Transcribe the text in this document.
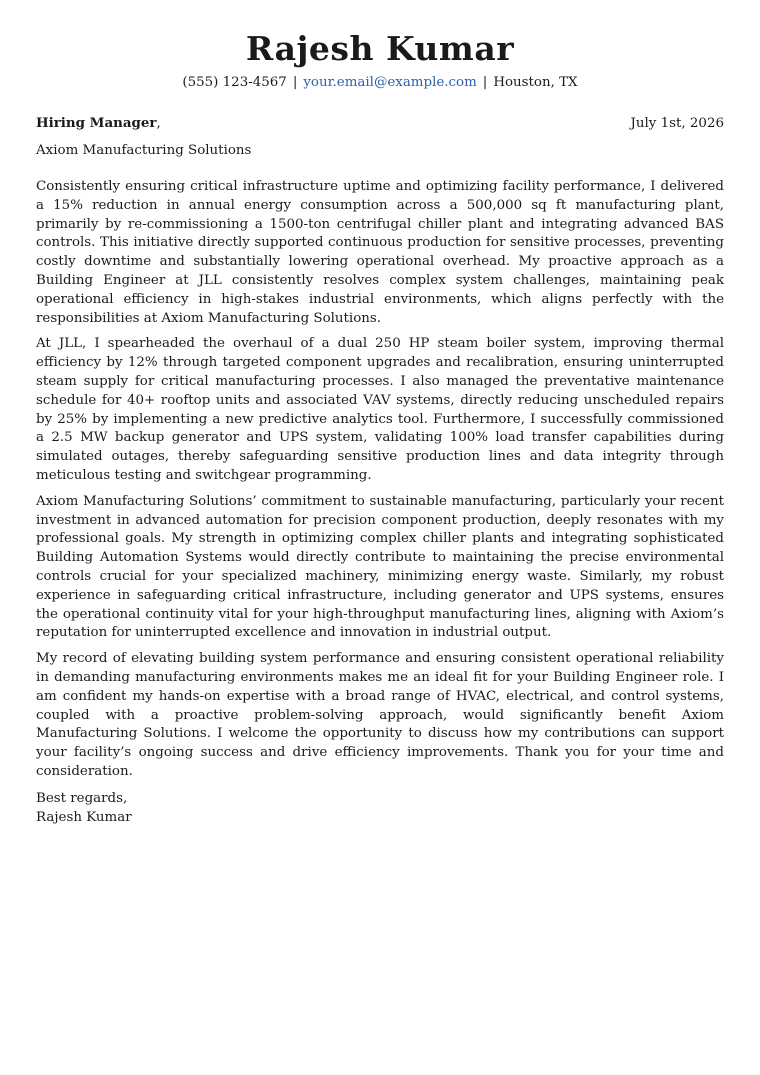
Rajesh Kumar
(555) 123-4567 | your.email@example.com | Houston, TX
Hiring Manager,	July 1st, 2026
Axiom Manufacturing Solutions

Consistently ensuring critical infrastructure uptime and optimizing facility performance, I delivered a 15% reduction in annual energy consumption across a 500,000 sq ft manufacturing plant, primarily by re-commissioning a 1500-ton centrifugal chiller plant and integrating advanced BAS controls. This initiative directly supported continuous production for sensitive processes, preventing costly downtime and substantially lowering operational overhead. My proactive approach as a Building Engineer at JLL consistently resolves complex system challenges, maintaining peak operational efficiency in high-stakes industrial environments, which aligns perfectly with the responsibilities at Axiom Manufacturing Solutions.

At JLL, I spearheaded the overhaul of a dual 250 HP steam boiler system, improving thermal efficiency by 12% through targeted component upgrades and recalibration, ensuring uninterrupted steam supply for critical manufacturing processes. I also managed the preventative maintenance schedule for 40+ rooftop units and associated VAV systems, directly reducing unscheduled repairs by 25% by implementing a new predictive analytics tool. Furthermore, I successfully commissioned a 2.5 MW backup generator and UPS system, validating 100% load transfer capabilities during simulated outages, thereby safeguarding sensitive production lines and data integrity through meticulous testing and switchgear programming.

Axiom Manufacturing Solutions’ commitment to sustainable manufacturing, particularly your recent investment in advanced automation for precision component production, deeply resonates with my professional goals. My strength in optimizing complex chiller plants and integrating sophisticated Building Automation Systems would directly contribute to maintaining the precise environmental controls crucial for your specialized machinery, minimizing energy waste. Similarly, my robust experience in safeguarding critical infrastructure, including generator and UPS systems, ensures the operational continuity vital for your high-throughput manufacturing lines, aligning with Axiom’s reputation for uninterrupted excellence and innovation in industrial output.

My record of elevating building system performance and ensuring consistent operational reliability in demanding manufacturing environments makes me an ideal fit for your Building Engineer role. I am confident my hands-on expertise with a broad range of HVAC, electrical, and control systems, coupled with a proactive problem-solving approach, would significantly benefit Axiom Manufacturing Solutions. I welcome the opportunity to discuss how my contributions can support your facility’s ongoing success and drive efficiency improvements. Thank you for your time and consideration.

Best regards,
Rajesh Kumar
